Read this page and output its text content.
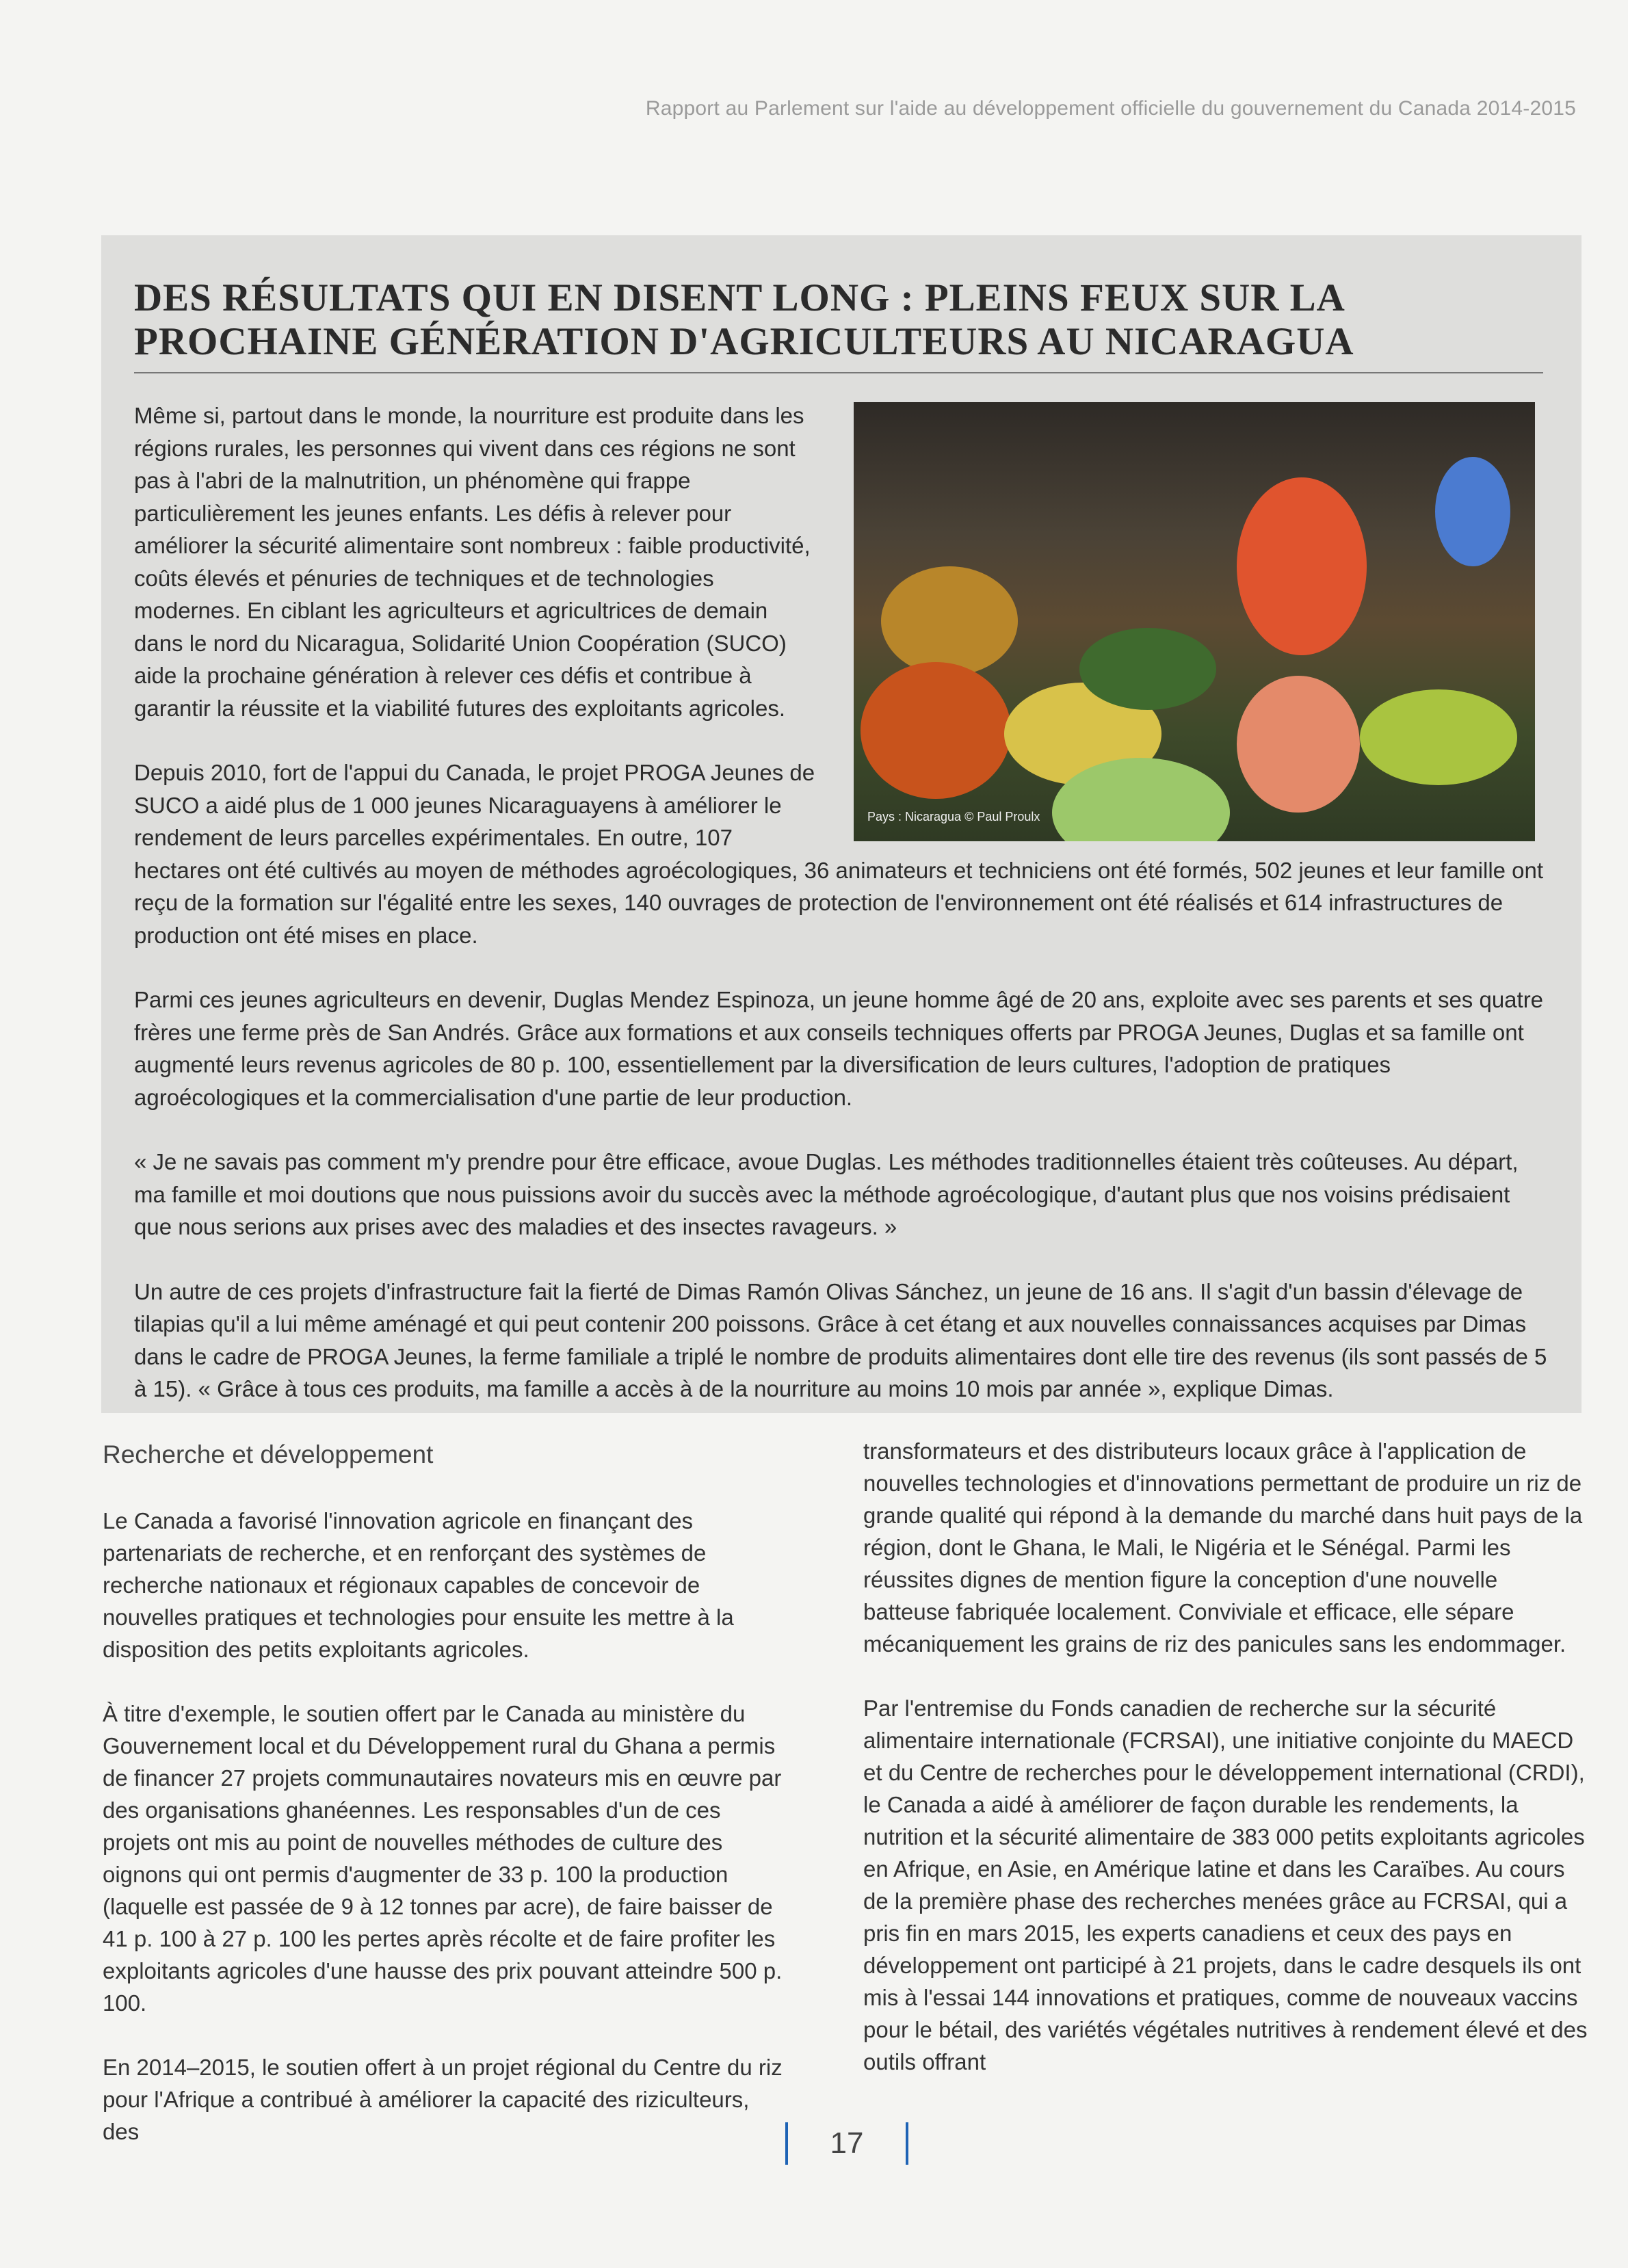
Rapport au Parlement sur l'aide au développement officielle du gouvernement du Canada 2014-2015
DES RÉSULTATS QUI EN DISENT LONG : PLEINS FEUX SUR LA PROCHAINE GÉNÉRATION D'AGRICULTEURS AU NICARAGUA
Pays : Nicaragua © Paul Proulx

Même si, partout dans le monde, la nourriture est produite dans les régions rurales, les personnes qui vivent dans ces régions ne sont pas à l'abri de la malnutrition, un phénomène qui frappe particulièrement les jeunes enfants. Les défis à relever pour améliorer la sécurité alimentaire sont nombreux : faible productivité, coûts élevés et pénuries de techniques et de technologies modernes. En ciblant les agriculteurs et agricultrices de demain dans le nord du Nicaragua, Solidarité Union Coopération (SUCO) aide la prochaine génération à relever ces défis et contribue à garantir la réussite et la viabilité futures des exploitants agricoles.

Depuis 2010, fort de l'appui du Canada, le projet PROGA Jeunes de SUCO a aidé plus de 1 000 jeunes Nicaraguayens à améliorer le rendement de leurs parcelles expérimentales. En outre, 107 hectares ont été cultivés au moyen de méthodes agroécologiques, 36 animateurs et techniciens ont été formés, 502 jeunes et leur famille ont reçu de la formation sur l'égalité entre les sexes, 140 ouvrages de protection de l'environnement ont été réalisés et 614 infrastructures de production ont été mises en place.

Parmi ces jeunes agriculteurs en devenir, Duglas Mendez Espinoza, un jeune homme âgé de 20 ans, exploite avec ses parents et ses quatre frères une ferme près de San Andrés. Grâce aux formations et aux conseils techniques offerts par PROGA Jeunes, Duglas et sa famille ont augmenté leurs revenus agricoles de 80 p. 100, essentiellement par la diversification de leurs cultures, l'adoption de pratiques agroécologiques et la commercialisation d'une partie de leur production.

« Je ne savais pas comment m'y prendre pour être efficace, avoue Duglas. Les méthodes traditionnelles étaient très coûteuses. Au départ, ma famille et moi doutions que nous puissions avoir du succès avec la méthode agroécologique, d'autant plus que nos voisins prédisaient que nous serions aux prises avec des maladies et des insectes ravageurs. »

Un autre de ces projets d'infrastructure fait la fierté de Dimas Ramón Olivas Sánchez, un jeune de 16 ans. Il s'agit d'un bassin d'élevage de tilapias qu'il a lui même aménagé et qui peut contenir 200 poissons. Grâce à cet étang et aux nouvelles connaissances acquises par Dimas dans le cadre de PROGA Jeunes, la ferme familiale a triplé le nombre de produits alimentaires dont elle tire des revenus (ils sont passés de 5 à 15). « Grâce à tous ces produits, ma famille a accès à de la nourriture au moins 10 mois par année », explique Dimas.

Recherche et développement

Le Canada a favorisé l'innovation agricole en finançant des partenariats de recherche, et en renforçant des systèmes de recherche nationaux et régionaux capables de concevoir de nouvelles pratiques et technologies pour ensuite les mettre à la disposition des petits exploitants agricoles.

À titre d'exemple, le soutien offert par le Canada au ministère du Gouvernement local et du Développement rural du Ghana a permis de financer 27 projets communautaires novateurs mis en œuvre par des organisations ghanéennes. Les responsables d'un de ces projets ont mis au point de nouvelles méthodes de culture des oignons qui ont permis d'augmenter de 33 p. 100 la production (laquelle est passée de 9 à 12 tonnes par acre), de faire baisser de 41 p. 100 à 27 p. 100 les pertes après récolte et de faire profiter les exploitants agricoles d'une hausse des prix pouvant atteindre 500 p. 100.

En 2014–2015, le soutien offert à un projet régional du Centre du riz pour l'Afrique a contribué à améliorer la capacité des riziculteurs, des

transformateurs et des distributeurs locaux grâce à l'application de nouvelles technologies et d'innovations permettant de produire un riz de grande qualité qui répond à la demande du marché dans huit pays de la région, dont le Ghana, le Mali, le Nigéria et le Sénégal. Parmi les réussites dignes de mention figure la conception d'une nouvelle batteuse fabriquée localement. Conviviale et efficace, elle sépare mécaniquement les grains de riz des panicules sans les endommager.

Par l'entremise du Fonds canadien de recherche sur la sécurité alimentaire internationale (FCRSAI), une initiative conjointe du MAECD et du Centre de recherches pour le développement international (CRDI), le Canada a aidé à améliorer de façon durable les rendements, la nutrition et la sécurité alimentaire de 383 000 petits exploitants agricoles en Afrique, en Asie, en Amérique latine et dans les Caraïbes. Au cours de la première phase des recherches menées grâce au FCRSAI, qui a pris fin en mars 2015, les experts canadiens et ceux des pays en développement ont participé à 21 projets, dans le cadre desquels ils ont mis à l'essai 144 innovations et pratiques, comme de nouveaux vaccins pour le bétail, des variétés végétales nutritives à rendement élevé et des outils offrant

17
